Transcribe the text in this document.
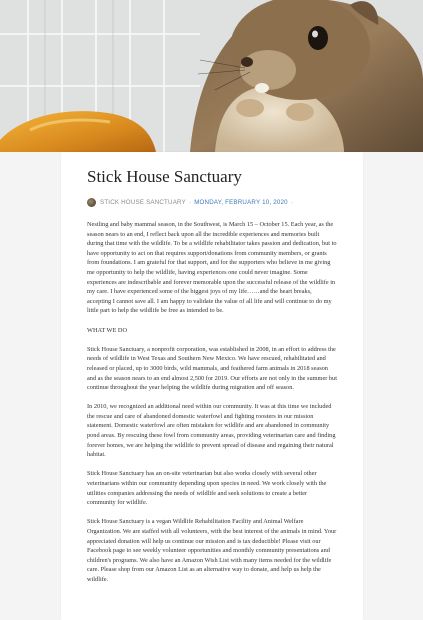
Stick House Sanctuary
STICK HOUSE SANCTUARY · MONDAY, FEBRUARY 10, 2020 ·

Nestling and baby mammal season, in the Southwest, is March 15 – October 15. Each year, as the season nears to an end, I reflect back upon all the incredible experiences and memories built during that time with the wildlife. To be a wildlife rehabilitator takes passion and dedication, but to have opportunity to act on that requires support/donations from community members, or grants from foundations. I am grateful for that support, and for the supporters who believe in me giving me opportunity to help the wildlife, having experiences one could never imagine. Some experiences are indescribable and forever memorable upon the successful release of the wildlife in my care. I have experienced some of the biggest joys of my life……and the heart breaks, accepting I cannot save all. I am happy to validate the value of all life and will continue to do my little part to help the wildlife be free as intended to be.

WHAT WE DO

Stick House Sanctuary, a nonprofit corporation, was established in 2008, in an effort to address the needs of wildlife in West Texas and Southern New Mexico. We have rescued, rehabilitated and released or placed, up to 3000 birds, wild mammals, and feathered farm animals in 2018 season and as the season nears to an end almost 2,500 for 2019. Our efforts are not only in the summer but continue throughout the year helping the wildlife during migration and off season.

In 2010, we recognized an additional need within our community. It was at this time we included the rescue and care of abandoned domestic waterfowl and fighting roosters in our mission statement. Domestic waterfowl are often mistaken for wildlife and are abandoned in community pond areas. By rescuing these fowl from community areas, providing veterinarian care and finding forever homes, we are helping the wildlife to prevent spread of disease and regaining their natural habitat.

Stick House Sanctuary has an on-site veterinarian but also works closely with several other veterinarians within our community depending upon species in need. We work closely with the utilities companies addressing the needs of wildlife and seek solutions to create a better community for wildlife.

Stick House Sanctuary is a vegan Wildlife Rehabilitation Facility and Animal Welfare Organization. We are staffed with all volunteers, with the best interest of the animals in mind. Your appreciated donation will help us continue our mission and is tax deductible! Please visit our Facebook page to see weekly volunteer opportunities and monthly community presentations and children's programs. We also have an Amazon Wish List with many items needed for the wildlife care. Please shop from our Amazon List as an alternative way to donate, and help us help the wildlife.
